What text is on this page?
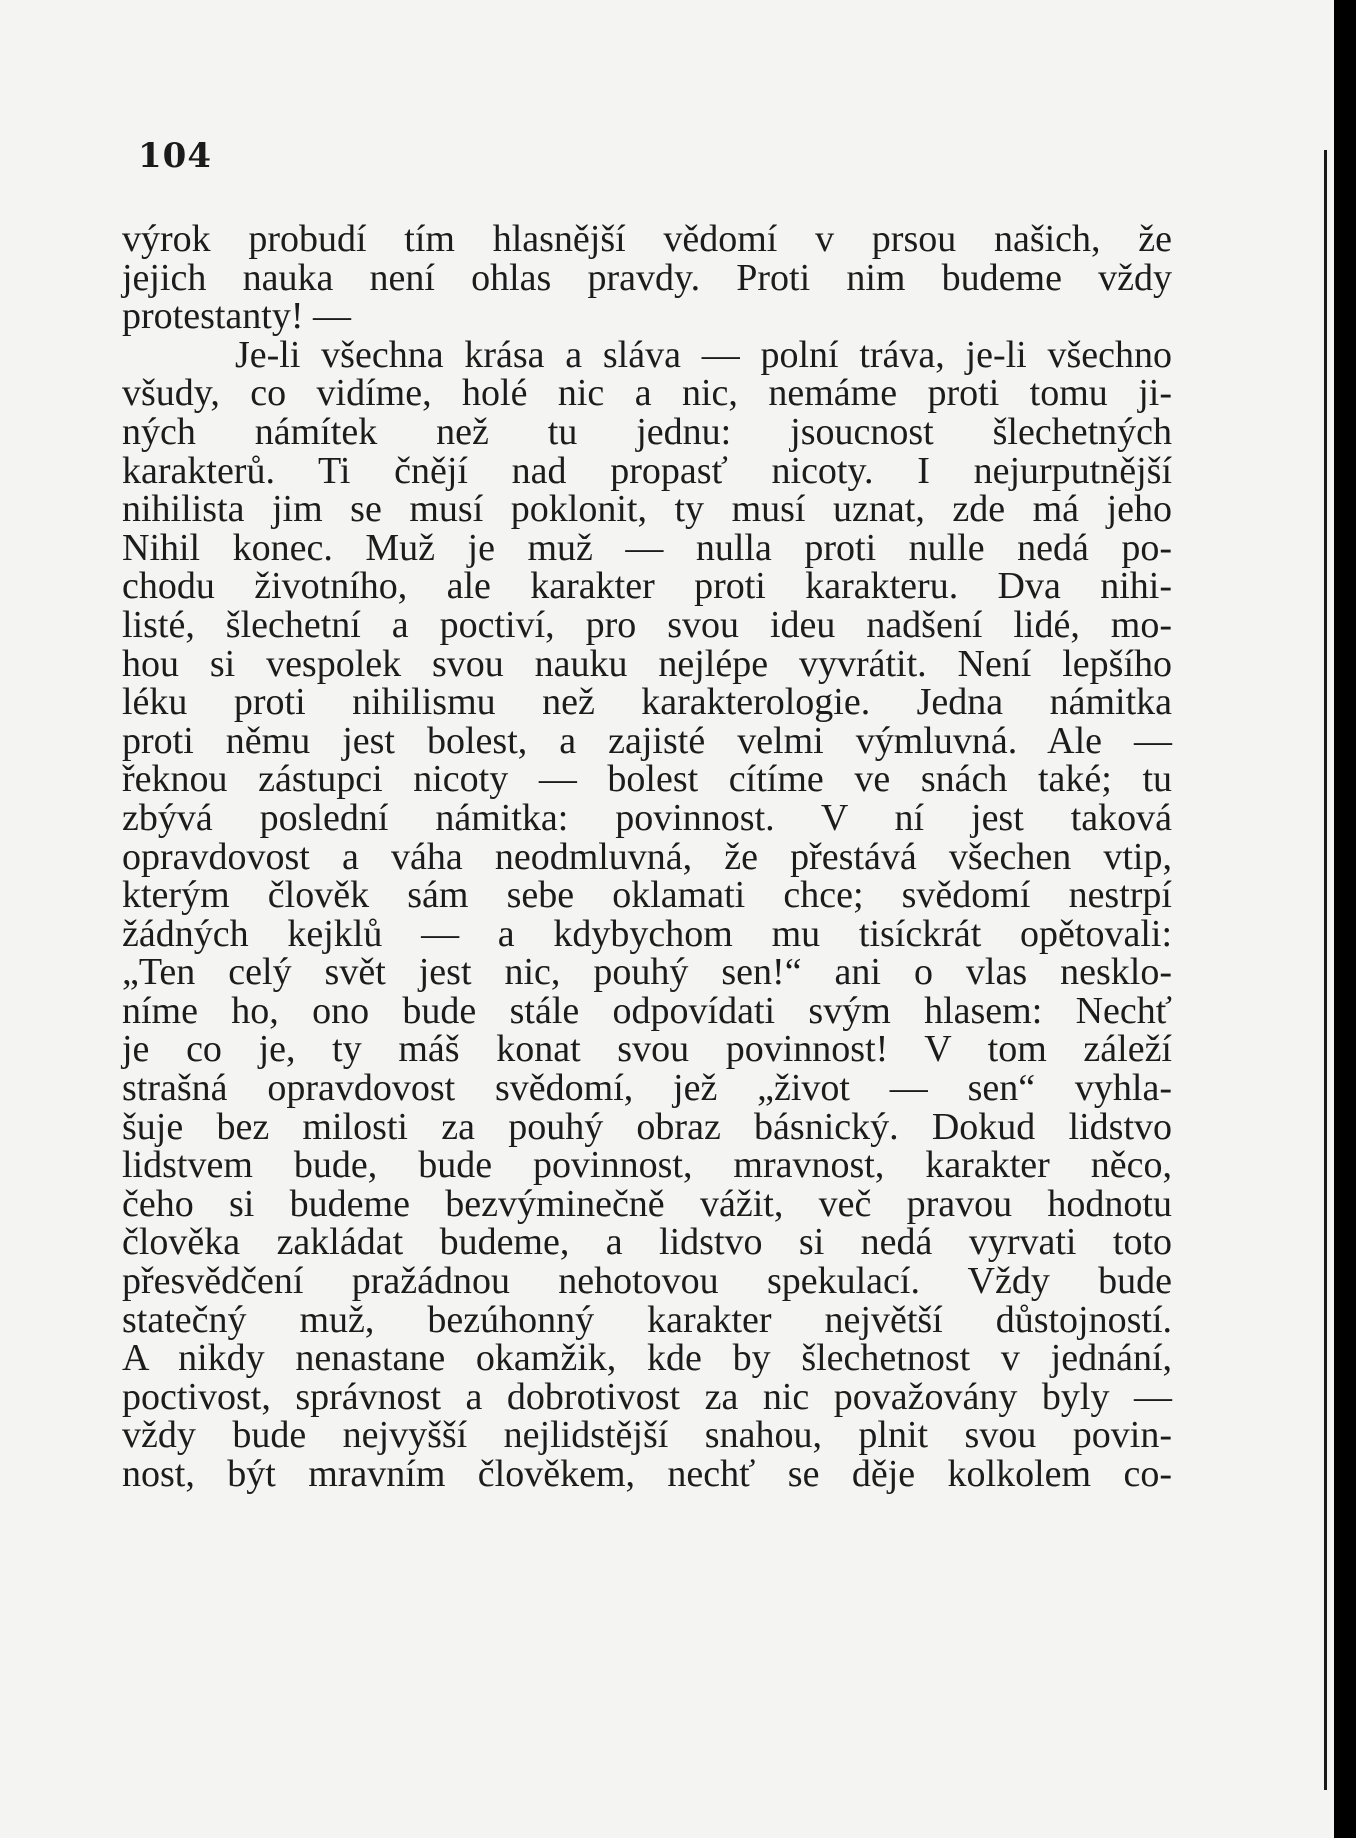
104
výrok probudí tím hlasnější vědomí v prsou našich, že
jejich nauka není ohlas pravdy. Proti nim budeme vždy
protestanty! —
Je-li všechna krása a sláva — polní tráva, je-li všechno
všudy, co vidíme, holé nic a nic, nemáme proti tomu ji-
ných námítek než tu jednu: jsoucnost šlechetných
karakterů. Ti čnějí nad propasť nicoty. I nejurputnější
nihilista jim se musí poklonit, ty musí uznat, zde má jeho
Nihil konec. Muž je muž — nulla proti nulle nedá po-
chodu životního, ale karakter proti karakteru. Dva nihi-
listé, šlechetní a poctiví, pro svou ideu nadšení lidé, mo-
hou si vespolek svou nauku nejlépe vyvrátit. Není lepšího
léku proti nihilismu než karakterologie. Jedna námitka
proti němu jest bolest, a zajisté velmi výmluvná. Ale —
řeknou zástupci nicoty — bolest cítíme ve snách také; tu
zbývá poslední námitka: povinnost. V ní jest taková
opravdovost a váha neodmluvná, že přestává všechen vtip,
kterým člověk sám sebe oklamati chce; svědomí nestrpí
žádných kejklů — a kdybychom mu tisíckrát opětovali:
„Ten celý svět jest nic, pouhý sen!“ ani o vlas nesklo-
níme ho, ono bude stále odpovídati svým hlasem: Nechť
je co je, ty máš konat svou povinnost! V tom záleží
strašná opravdovost svědomí, jež „život — sen“ vyhla-
šuje bez milosti za pouhý obraz básnický. Dokud lidstvo
lidstvem bude, bude povinnost, mravnost, karakter něco,
čeho si budeme bezvýminečně vážit, več pravou hodnotu
člověka zakládat budeme, a lidstvo si nedá vyrvati toto
přesvědčení pražádnou nehotovou spekulací. Vždy bude
statečný muž, bezúhonný karakter největší důstojností.
A nikdy nenastane okamžik, kde by šlechetnost v jednání,
poctivost, správnost a dobrotivost za nic považovány byly —
vždy bude nejvyšší nejlidstější snahou, plnit svou povin-
nost, být mravním člověkem, nechť se děje kolkolem co-
